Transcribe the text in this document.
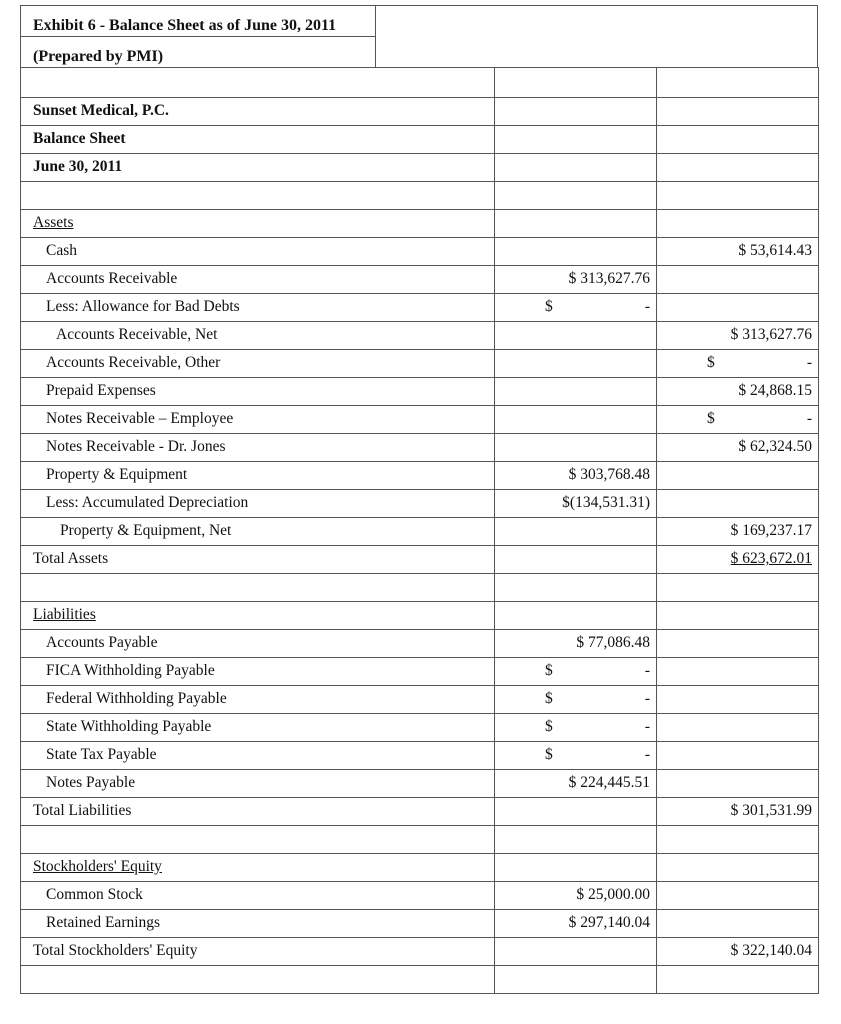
Exhibit 6 - Balance Sheet as of June 30, 2011
(Prepared by PMI)

Sunset Medical, P.C.		
Balance Sheet		
June 30, 2011		

Assets		
Cash		$ 53,614.43
Accounts Receivable	$ 313,627.76	
Less: Allowance for Bad Debts	$ -	

Accounts Receivable, Net		$ 313,627.76
Accounts Receivable, Other		$ -

Prepaid Expenses		$ 24,868.15
Notes Receivable – Employee		$ -

Notes Receivable - Dr. Jones		$ 62,324.50
Property & Equipment	$ 303,768.48	
Less: Accumulated Depreciation	$(134,531.31)	
Property & Equipment, Net		$ 169,237.17
Total Assets		$ 623,672.01

Liabilities		
Accounts Payable	$ 77,086.48	
FICA Withholding Payable	$ -	

Federal Withholding Payable	$ -	

State Withholding Payable	$ -	

State Tax Payable	$ -	

Notes Payable	$ 224,445.51	
Total Liabilities		$ 301,531.99

Stockholders' Equity		
Common Stock	$ 25,000.00	
Retained Earnings	$ 297,140.04	
Total Stockholders' Equity		$ 322,140.04
